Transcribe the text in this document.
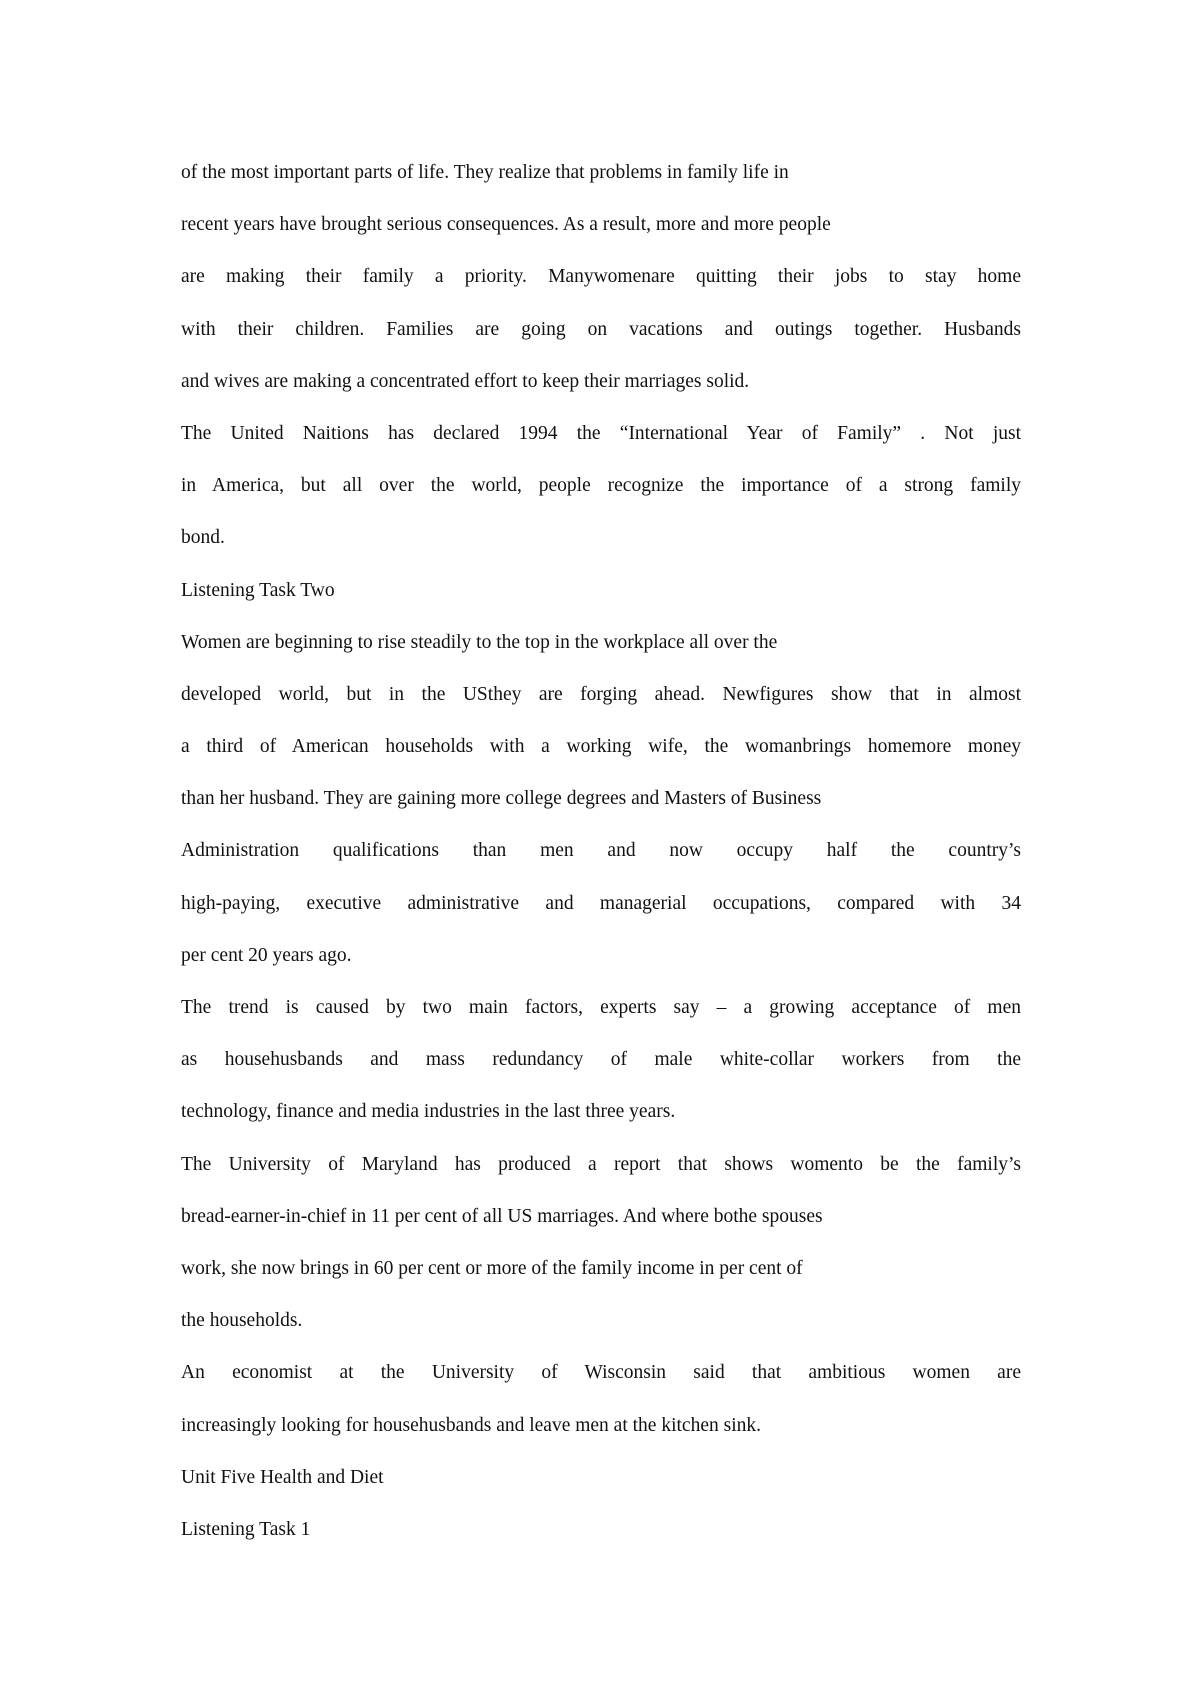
of the most important parts of life. They realize that problems in family life in
recent years have brought serious consequences. As a result, more and more people
are making their family a priority. Manywomenare quitting their jobs to stay home
with their children. Families are going on vacations and outings together. Husbands
and wives are making a concentrated effort to keep their marriages solid.
The United Naitions has declared 1994 the “International Year of Family” . Not just
in America, but all over the world, people recognize the importance of a strong family
bond.
Listening Task Two
Women are beginning to rise steadily to the top in the workplace all over the
developed world, but in the USthey are forging ahead. Newfigures show that in almost
a third of American households with a working wife, the womanbrings homemore money
than her husband. They are gaining more college degrees and Masters of Business
Administration qualifications than men and now occupy half the country’s
high-paying, executive administrative and managerial occupations, compared with 34
per cent 20 years ago.
The trend is caused by two main factors, experts say – a growing acceptance of men
as househusbands and mass redundancy of male white-collar workers from the
technology, finance and media industries in the last three years.
The University of Maryland has produced a report that shows womento be the family’s
bread-earner-in-chief in 11 per cent of all US marriages. And where bothe spouses
work, she now brings in 60 per cent or more of the family income in per cent of
the households.
An economist at the University of Wisconsin said that ambitious women are
increasingly looking for househusbands and leave men at the kitchen sink.
Unit Five Health and Diet
Listening Task 1
